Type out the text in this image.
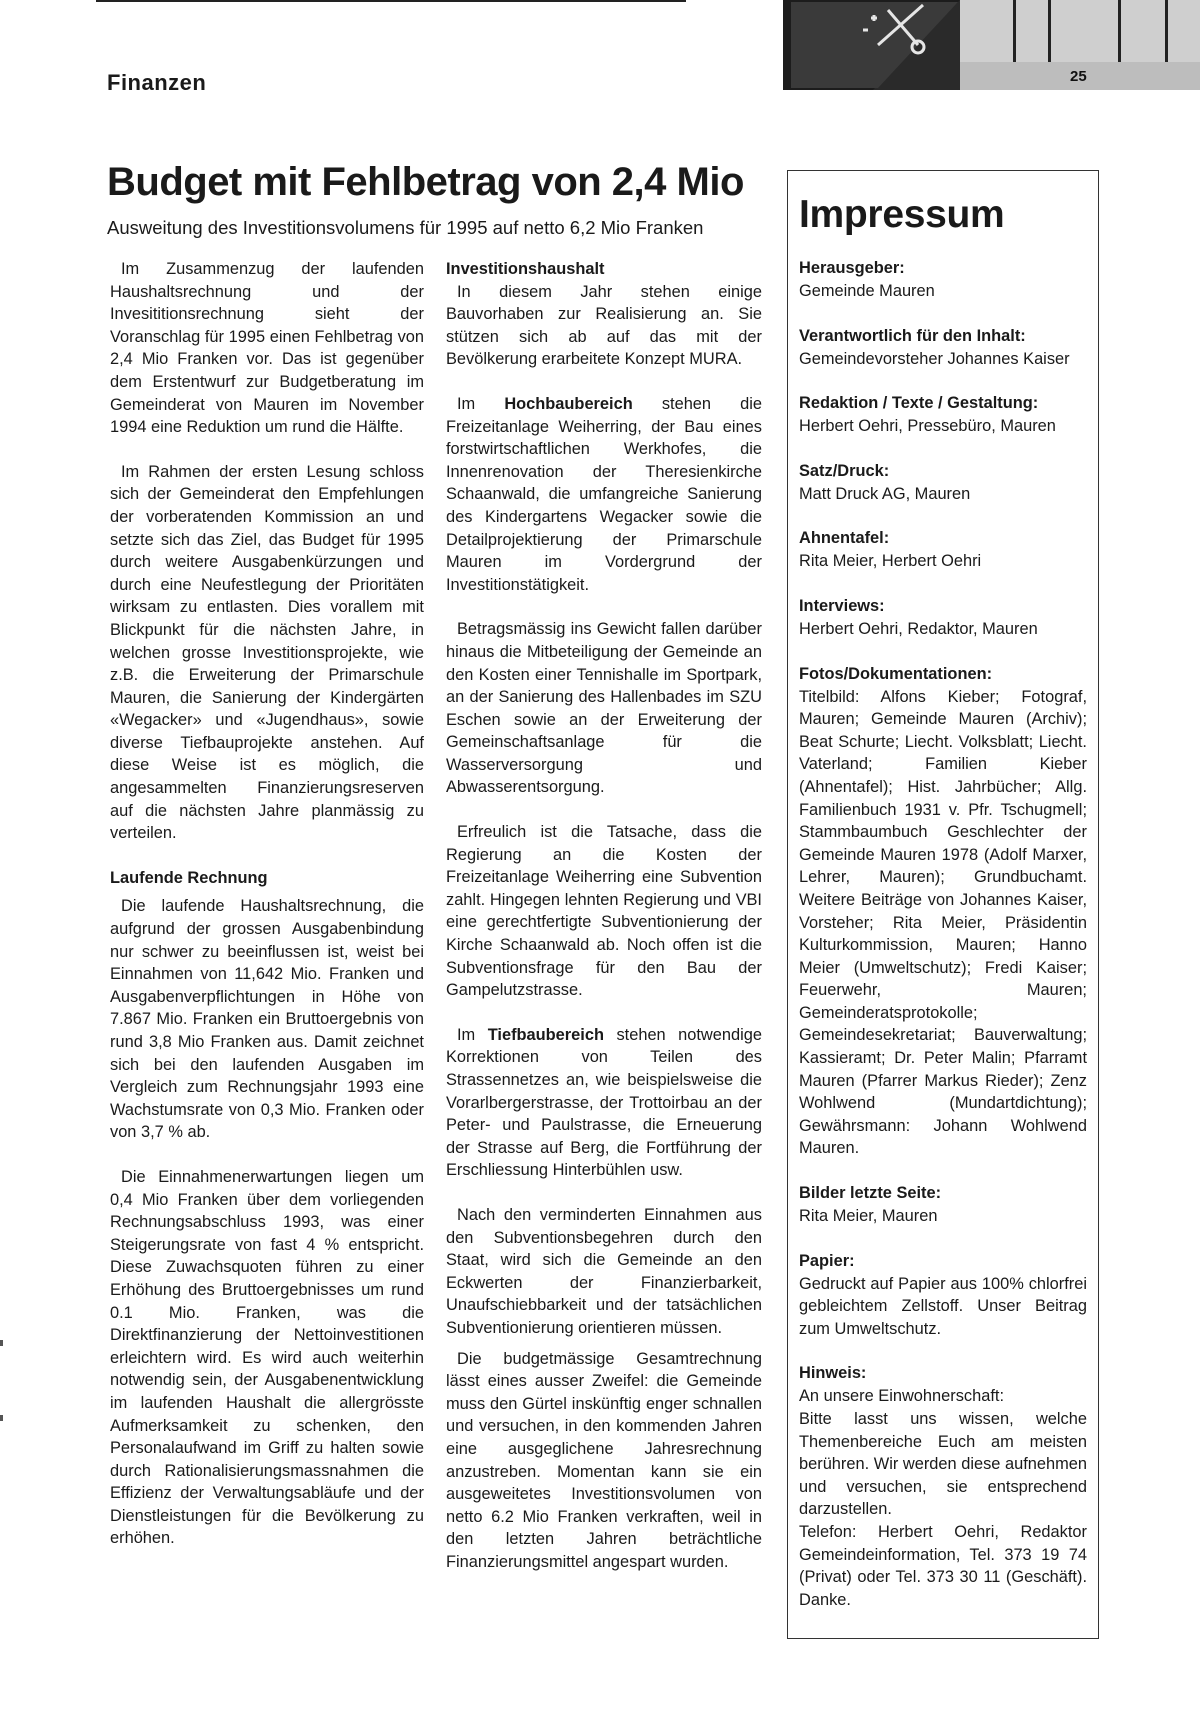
Finanzen	25
Budget mit Fehlbetrag von 2,4 Mio

Ausweitung des Investitionsvolumens für 1995 auf netto 6,2 Mio Franken

Im Zusammenzug der laufenden Haushaltsrechnung und der Invesititionsrechnung sieht der Voranschlag für 1995 einen Fehlbetrag von 2,4 Mio Franken vor. Das ist gegenüber dem Erstentwurf zur Budgetberatung im Gemeinderat von Mauren im November 1994 eine Reduktion um rund die Hälfte.

Im Rahmen der ersten Lesung schloss sich der Gemeinderat den Empfehlungen der vorberatenden Kommission an und setzte sich das Ziel, das Budget für 1995 durch weitere Ausgabenkürzungen und durch eine Neufestlegung der Prioritäten wirksam zu entlasten. Dies vorallem mit Blickpunkt für die nächsten Jahre, in welchen grosse Investitionsprojekte, wie z.B. die Erweiterung der Primarschule Mauren, die Sanierung der Kindergärten «Wegacker» und «Jugendhaus», sowie diverse Tiefbauprojekte anstehen. Auf diese Weise ist es möglich, die angesammelten Finanzierungsreserven auf die nächsten Jahre planmässig zu verteilen.

Laufende Rechnung

Die laufende Haushaltsrechnung, die aufgrund der grossen Ausgabenbindung nur schwer zu beeinflussen ist, weist bei Einnahmen von 11,642 Mio. Franken und Ausgabenverpflichtungen in Höhe von 7.867 Mio. Franken ein Bruttoergebnis von rund 3,8 Mio Franken aus. Damit zeichnet sich bei den laufenden Ausgaben im Vergleich zum Rechnungsjahr 1993 eine Wachstumsrate von 0,3 Mio. Franken oder von 3,7 % ab.

Die Einnahmenerwartungen liegen um 0,4 Mio Franken über dem vorliegenden Rechnungsabschluss 1993, was einer Steigerungsrate von fast 4 % entspricht. Diese Zuwachsquoten führen zu einer Erhöhung des Bruttoergebnisses um rund 0.1 Mio. Franken, was die Direktfinanzierung der Nettoinvestitionen erleichtern wird. Es wird auch weiterhin notwendig sein, der Ausgabenentwicklung im laufenden Haushalt die allergrösste Aufmerksamkeit zu schenken, den Personalaufwand im Griff zu halten sowie durch Rationalisierungsmassnahmen die Effizienz der Verwaltungsabläufe und der Dienstleistungen für die Bevölkerung zu erhöhen.

Investitionshaushalt

In diesem Jahr stehen einige Bauvorhaben zur Realisierung an. Sie stützen sich ab auf das mit der Bevölkerung erarbeitete Konzept MURA.

Im Hochbaubereich stehen die Freizeitanlage Weiherring, der Bau eines forstwirtschaftlichen Werkhofes, die Innenrenovation der Theresienkirche Schaanwald, die umfangreiche Sanierung des Kindergartens Wegacker sowie die Detailprojektierung der Primarschule Mauren im Vordergrund der Investitionstätigkeit.

Betragsmässig ins Gewicht fallen darüber hinaus die Mitbeteiligung der Gemeinde an den Kosten einer Tennishalle im Sportpark, an der Sanierung des Hallenbades im SZU Eschen sowie an der Erweiterung der Gemeinschaftsanlage für die Wasserversorgung und Abwasserentsorgung.

Erfreulich ist die Tatsache, dass die Regierung an die Kosten der Freizeitanlage Weiherring eine Subvention zahlt. Hingegen lehnten Regierung und VBI eine gerechtfertigte Subventionierung der Kirche Schaanwald ab. Noch offen ist die Subventionsfrage für den Bau der Gampelutzstrasse.

Im Tiefbaubereich stehen notwendige Korrektionen von Teilen des Strassennetzes an, wie beispielsweise die Vorarlbergerstrasse, der Trottoirbau an der Peter- und Paulstrasse, die Erneuerung der Strasse auf Berg, die Fortführung der Erschliessung Hinterbühlen usw.

Nach den verminderten Einnahmen aus den Subventionsbegehren durch den Staat, wird sich die Gemeinde an den Eckwerten der Finanzierbarkeit, Unaufschiebbarkeit und der tatsächlichen Subventionierung orientieren müssen.

Die budgetmässige Gesamtrechnung lässt eines ausser Zweifel: die Gemeinde muss den Gürtel inskünftig enger schnallen und versuchen, in den kommenden Jahren eine ausgeglichene Jahresrechnung anzustreben. Momentan kann sie ein ausgeweitetes Investitionsvolumen von netto 6.2 Mio Franken verkraften, weil in den letzten Jahren beträchtliche Finanzierungsmittel angespart wurden.

Impressum
Herausgeber:
Gemeinde Mauren
Verantwortlich für den Inhalt:
Gemeindevorsteher Johannes Kaiser
Redaktion / Texte / Gestaltung:
Herbert Oehri, Pressebüro, Mauren
Satz/Druck:
Matt Druck AG, Mauren
Ahnentafel:
Rita Meier, Herbert Oehri
Interviews:
Herbert Oehri, Redaktor, Mauren
Fotos/Dokumentationen:
Titelbild: Alfons Kieber; Fotograf, Mauren; Gemeinde Mauren (Archiv); Beat Schurte; Liecht. Volksblatt; Liecht. Vaterland; Familien Kieber (Ahnentafel); Hist. Jahrbücher; Allg. Familienbuch 1931 v. Pfr. Tschugmell; Stammbaumbuch Geschlechter der Gemeinde Mauren 1978 (Adolf Marxer, Lehrer, Mauren); Grundbuchamt. Weitere Beiträge von Johannes Kaiser, Vorsteher; Rita Meier, Präsidentin Kulturkommission, Mauren; Hanno Meier (Umweltschutz); Fredi Kaiser; Feuerwehr, Mauren; Gemeinderatsprotokolle; Gemeindesekretariat; Bauverwaltung; Kassieramt; Dr. Peter Malin; Pfarramt Mauren (Pfarrer Markus Rieder); Zenz Wohlwend (Mundartdichtung); Gewährsmann: Johann Wohlwend Mauren.
Bilder letzte Seite:
Rita Meier, Mauren
Papier:
Gedruckt auf Papier aus 100% chlorfrei gebleichtem Zellstoff. Unser Beitrag zum Umweltschutz.
Hinweis:
An unsere Einwohnerschaft:
Bitte lasst uns wissen, welche Themenbereiche Euch am meisten berühren. Wir werden diese aufnehmen und versuchen, sie entsprechend darzustellen.
Telefon: Herbert Oehri, Redaktor Gemeindeinformation, Tel. 373 19 74 (Privat) oder Tel. 373 30 11 (Geschäft). Danke.
